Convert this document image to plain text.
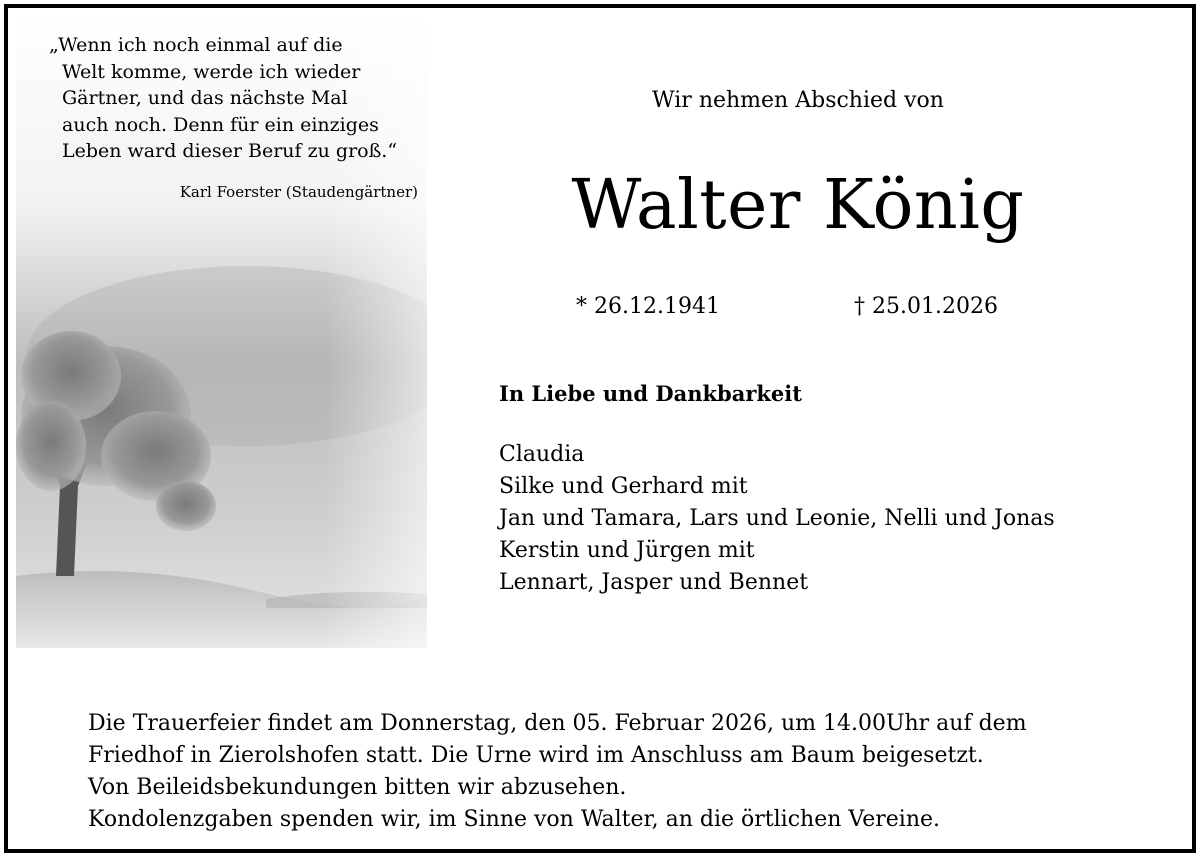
„Wenn ich noch einmal auf die
Welt komme, werde ich wieder
Gärtner, und das nächste Mal
auch noch. Denn für ein einziges
Leben ward dieser Beruf zu groß.“
Karl Foerster (Staudengärtner)
Wir nehmen Abschied von
Walter König
* 26.12.1941	† 25.01.2026
In Liebe und Dankbarkeit
Claudia
Silke und Gerhard mit
Jan und Tamara, Lars und Leonie, Nelli und Jonas
Kerstin und Jürgen mit
Lennart, Jasper und Bennet
Die Trauerfeier findet am Donnerstag, den 05. Februar 2026, um 14.00Uhr auf dem
Friedhof in Zierolshofen statt. Die Urne wird im Anschluss am Baum beigesetzt.
Von Beileidsbekundungen bitten wir abzusehen.
Kondolenzgaben spenden wir, im Sinne von Walter, an die örtlichen Vereine.
